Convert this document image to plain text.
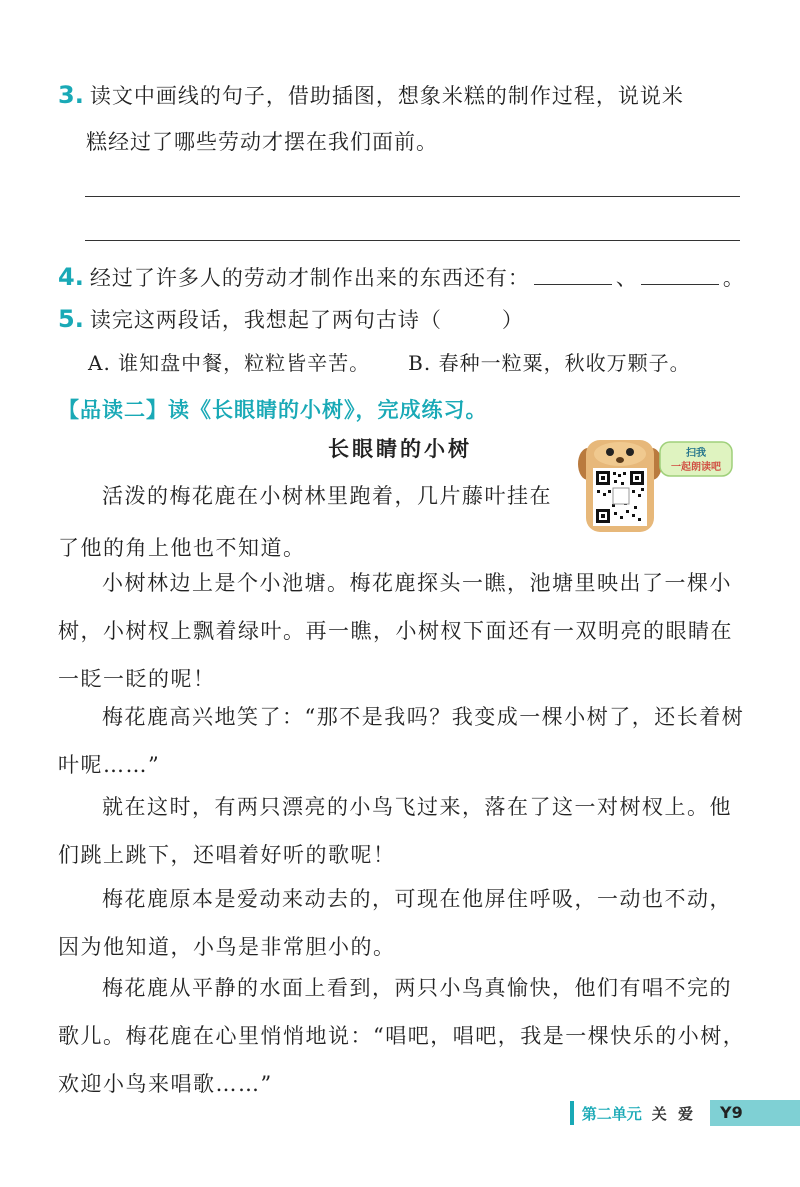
3. 读文中画线的句子，借助插图，想象米糕的制作过程，说说米
糕经过了哪些劳动才摆在我们面前。
4. 经过了许多人的劳动才制作出来的东西还有：	、	。
5. 读完这两段话，我想起了两句古诗（	）
A. 谁知盘中餐，粒粒皆辛苦。 B. 春种一粒粟，秋收万颗子。
【品读二】读《长眼睛的小树》，完成练习。
长眼睛的小树	扫我
一起朗读吧
活泼的梅花鹿在小树林里跑着，几片藤叶挂在
了他的角上他也不知道。
小树林边上是个小池塘。梅花鹿探头一瞧，池塘里映出了一棵小树，小树杈上飘着绿叶。再一瞧，小树杈下面还有一双明亮的眼睛在一眨一眨的呢！
梅花鹿高兴地笑了：“那不是我吗？我变成一棵小树了，还长着树叶呢……”
就在这时，有两只漂亮的小鸟飞过来，落在了这一对树杈上。他们跳上跳下，还唱着好听的歌呢！
梅花鹿原本是爱动来动去的，可现在他屏住呼吸，一动也不动，因为他知道，小鸟是非常胆小的。
梅花鹿从平静的水面上看到，两只小鸟真愉快，他们有唱不完的歌儿。梅花鹿在心里悄悄地说：“唱吧，唱吧，我是一棵快乐的小树，欢迎小鸟来唱歌……”
第二单元 关 爱	Y9
